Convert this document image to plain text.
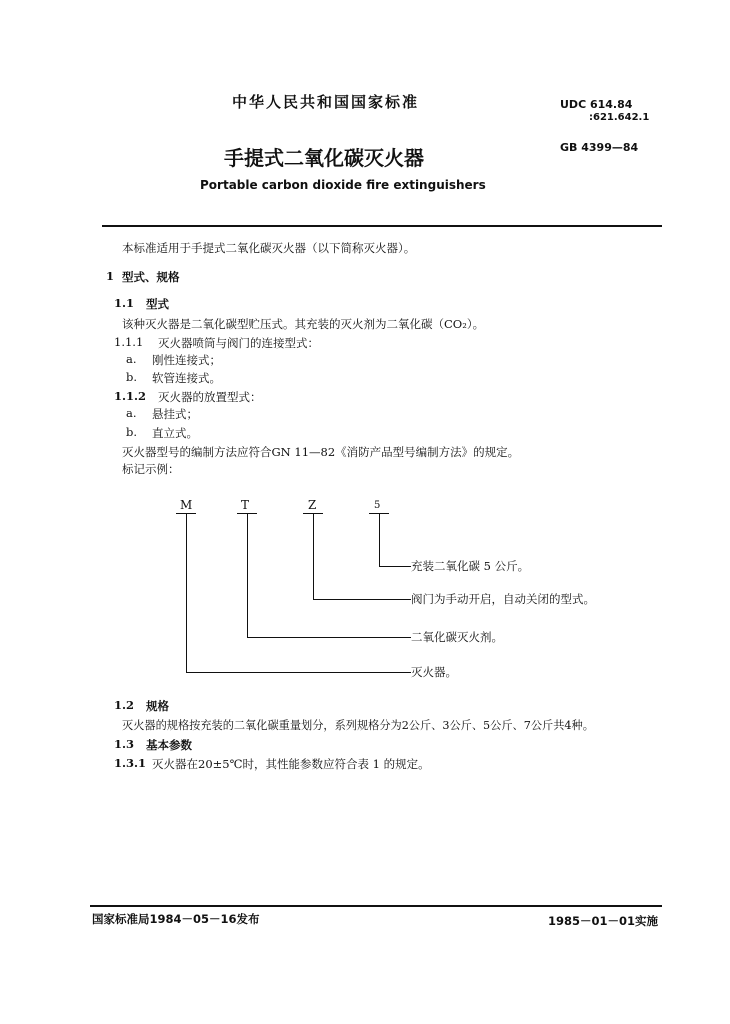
中华人民共和国国家标准	UDC 614.84
:621.642.1
GB 4399—84
手提式二氧化碳灭火器
Portable carbon dioxide fire extinguishers
本标准适用于手提式二氧化碳灭火器（以下简称灭火器）。
1 型式、规格
1.1 型式
该种灭火器是二氧化碳型贮压式。其充装的灭火剂为二氧化碳（CO₂）。
1.1.1 灭火器喷筒与阀门的连接型式：
a. 刚性连接式；
b. 软管连接式。
1.1.2 灭火器的放置型式：
a. 悬挂式；
b. 直立式。
灭火器型号的编制方法应符合GN 11—82《消防产品型号编制方法》的规定。
标记示例：
M	T	Z	5
充装二氧化碳 5 公斤。
阀门为手动开启，自动关闭的型式。
二氧化碳灭火剂。
灭火器。
1.2 规格
灭火器的规格按充装的二氧化碳重量划分，系列规格分为2公斤、3公斤、5公斤、7公斤共4种。
1.3 基本参数
1.3.1 灭火器在20±5℃时，其性能参数应符合表 1 的规定。
国家标准局1984－05－16发布	1985－01－01实施
